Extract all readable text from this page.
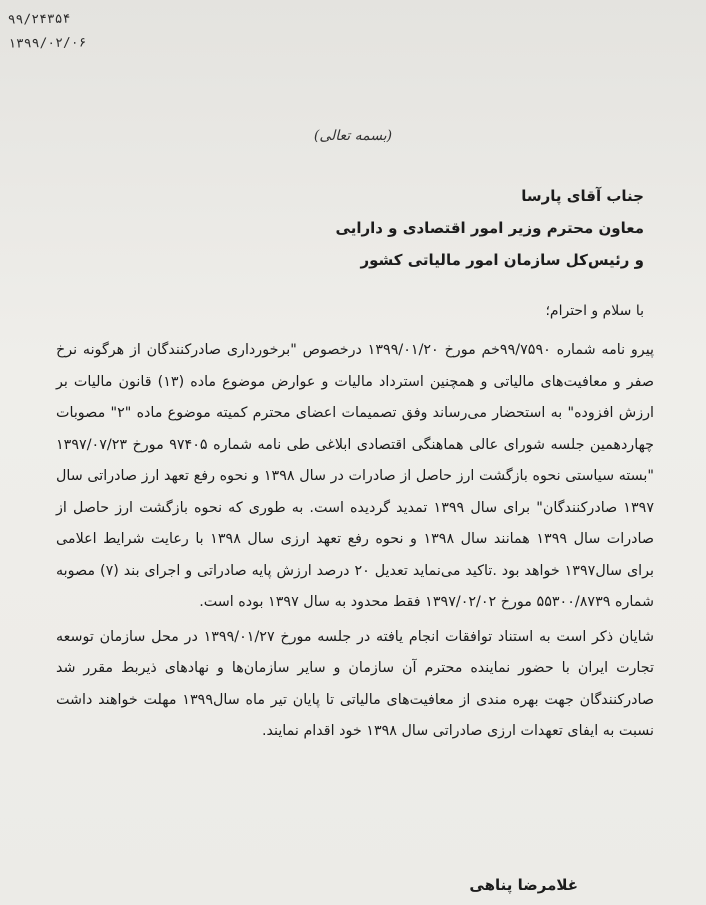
۹۹/۲۴۳۵۴
۱۳۹۹/۰۲/۰۶
(بسمه تعالی)
جناب آقای پارسا
معاون محترم وزیر امور اقتصادی و دارایی
و رئیس‌کل سازمان امور مالیاتی کشور
با سلام و احترام؛

پیرو نامه شماره ۹۹/۷۵۹۰خم مورخ ۱۳۹۹/۰۱/۲۰ درخصوص "برخورداری صادرکنندگان از هرگونه نرخ صفر و معافیت‌های مالیاتی و همچنین استرداد مالیات و عوارض موضوع ماده (۱۳) قانون مالیات بر ارزش افزوده" به استحضار می‌رساند وفق تصمیمات اعضای محترم کمیته موضوع ماده "۲" مصوبات چهاردهمین جلسه شورای عالی هماهنگی اقتصادی ابلاغی طی نامه شماره ۹۷۴۰۵ مورخ ۱۳۹۷/۰۷/۲۳ "بسته سیاستی نحوه بازگشت ارز حاصل از صادرات در سال ۱۳۹۸ و نحوه رفع تعهد ارز صادراتی سال ۱۳۹۷ صادرکنندگان" برای سال ۱۳۹۹ تمدید گردیده است. به طوری که نحوه بازگشت ارز حاصل از صادرات سال ۱۳۹۹ همانند سال ۱۳۹۸ و نحوه رفع تعهد ارزی سال ۱۳۹۸ با رعایت شرایط اعلامی برای سال۱۳۹۷ خواهد بود .تاکید می‌نماید تعدیل ۲۰ درصد ارزش پایه صادراتی و اجرای بند (۷) مصوبه شماره ۵۵۳۰۰/۸۷۳۹ مورخ ۱۳۹۷/۰۲/۰۲ فقط محدود به سال ۱۳۹۷ بوده است.

شایان ذکر است به استناد توافقات انجام یافته در جلسه مورخ ۱۳۹۹/۰۱/۲۷ در محل سازمان توسعه تجارت ایران با حضور نماینده محترم آن سازمان و سایر سازمان‌ها و نهادهای ذیربط مقرر شد صادرکنندگان جهت بهره مندی از معافیت‌های مالیاتی تا پایان تیر ماه سال۱۳۹۹ مهلت خواهند داشت نسبت به ایفای تعهدات ارزی صادراتی سال ۱۳۹۸ خود اقدام نمایند.

غلامرضا پناهی
